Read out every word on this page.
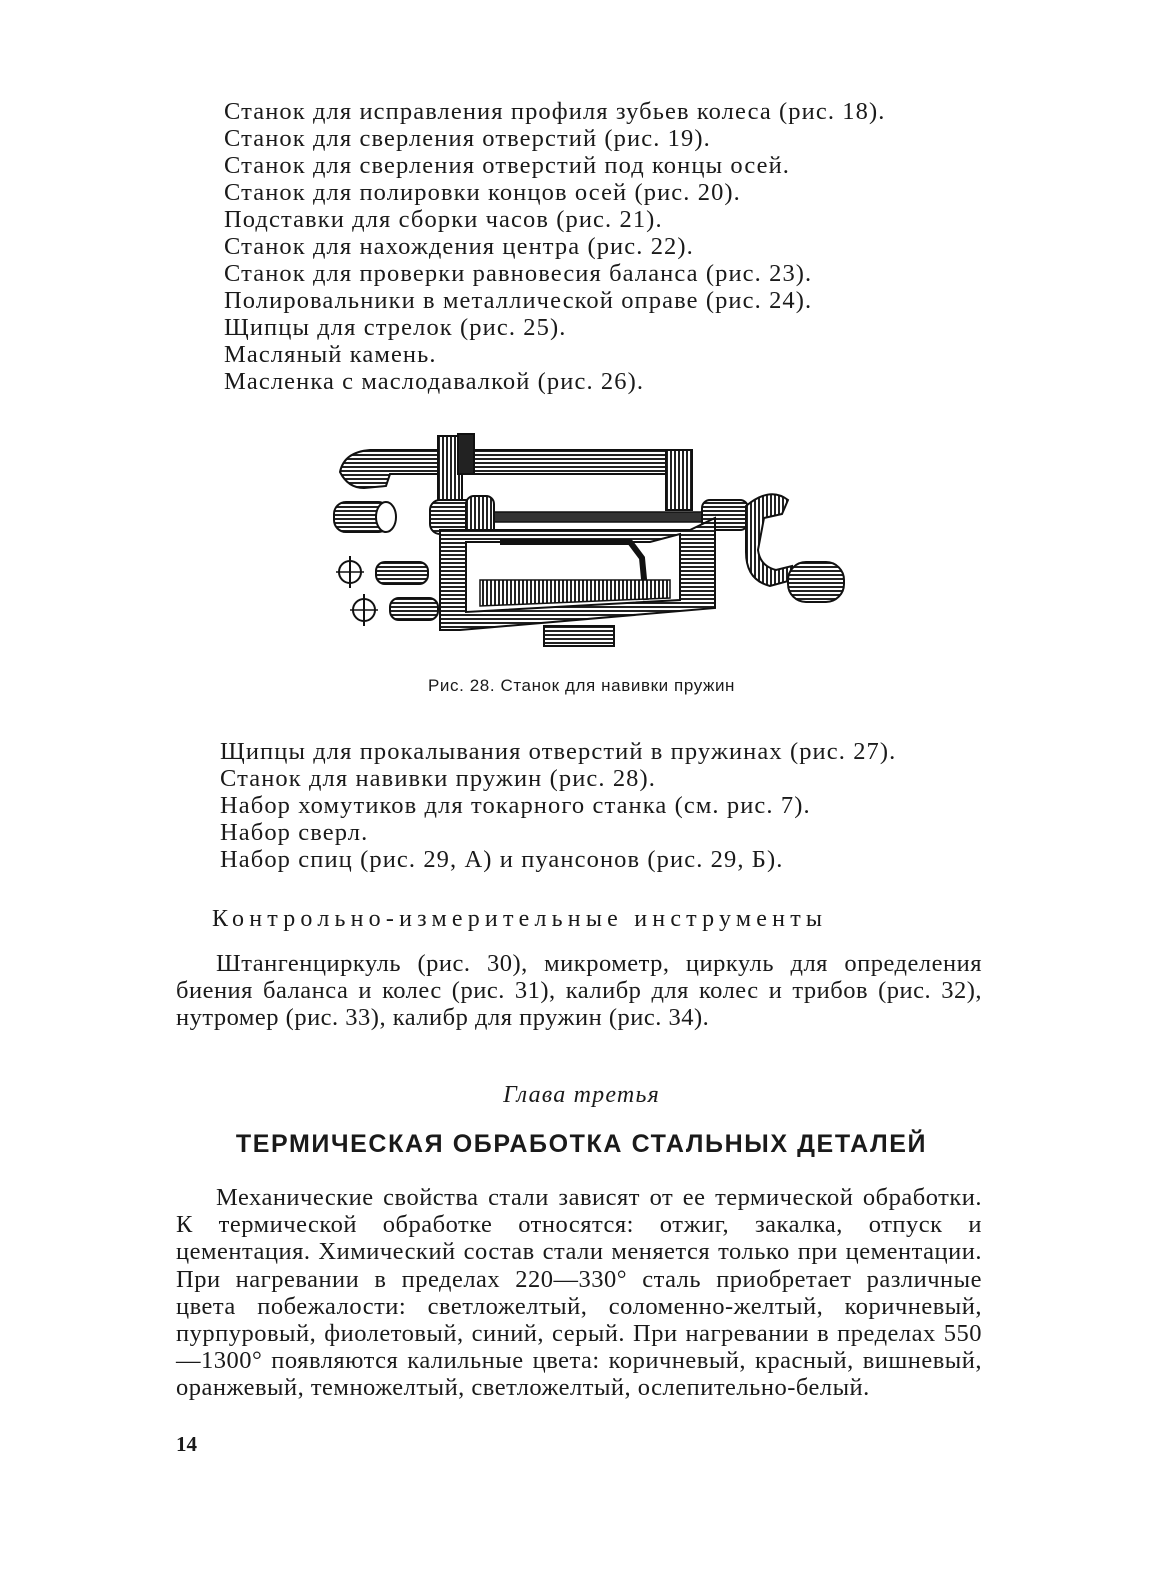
Станок для исправления профиля зубьев колеса (рис. 18).
Станок для сверления отверстий (рис. 19).
Станок для сверления отверстий под концы осей.
Станок для полировки концов осей (рис. 20).
Подставки для сборки часов (рис. 21).
Станок для нахождения центра (рис. 22).
Станок для проверки равновесия баланса (рис. 23).
Полировальники в металлической оправе (рис. 24).
Щипцы для стрелок (рис. 25).
Масляный камень.
Масленка с маслодавалкой (рис. 26).
Рис. 28. Станок для навивки пружин
Щипцы для прокалывания отверстий в пружинах (рис. 27).
Станок для навивки пружин (рис. 28).
Набор хомутиков для токарного станка (см. рис. 7).
Набор сверл.
Набор спиц (рис. 29, А) и пуансонов (рис. 29, Б).
Контрольно-измерительные инструменты
Штангенциркуль (рис. 30), микрометр, циркуль для определения биения баланса и колес (рис. 31), калибр для колес и трибов (рис. 32), нутромер (рис. 33), калибр для пружин (рис. 34).
Глава третья
ТЕРМИЧЕСКАЯ ОБРАБОТКА СТАЛЬНЫХ ДЕТАЛЕЙ
Механические свойства стали зависят от ее термической обработки. К термической обработке относятся: отжиг, закалка, отпуск и цементация. Химический состав стали меняется только при цементации. При нагревании в пределах 220—330° сталь приобретает различные цвета побежалости: светложелтый, соломенно-желтый, коричневый, пурпуровый, фиолетовый, синий, серый. При нагревании в пределах 550—1300° появляются калильные цвета: коричневый, красный, вишневый, оранжевый, темножелтый, светложелтый, ослепительно-белый.
14
